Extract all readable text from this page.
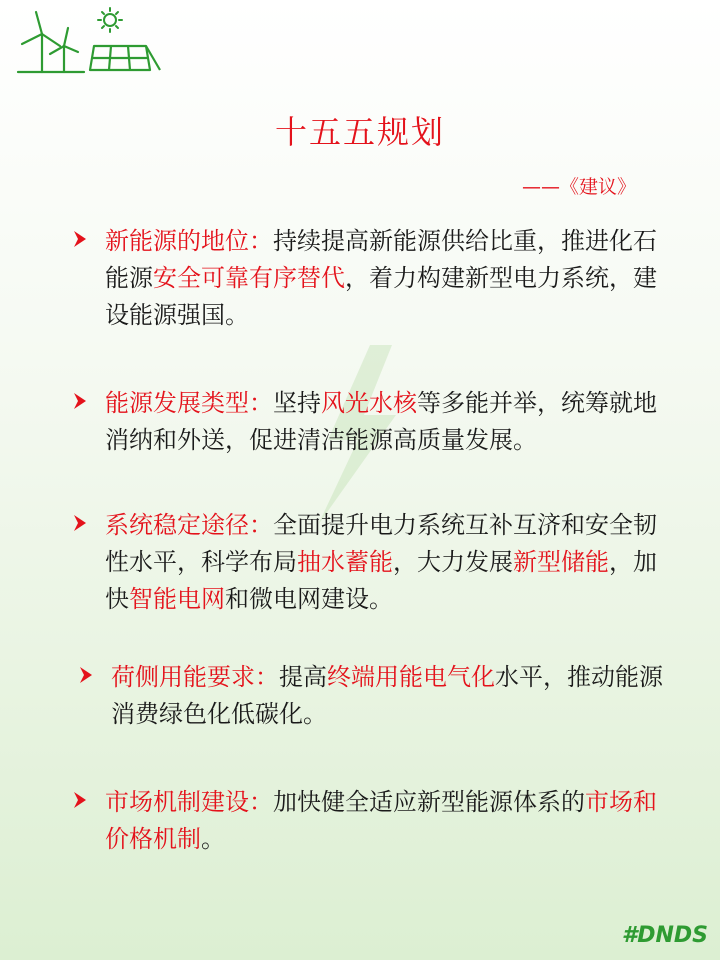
十五五规划
——《建议》

新能源的地位：持续提高新能源供给比重，推进化石能源安全可靠有序替代，着力构建新型电力系统，建设能源强国。

能源发展类型：坚持风光水核等多能并举，统筹就地消纳和外送，促进清洁能源高质量发展。

系统稳定途径：全面提升电力系统互补互济和安全韧性水平，科学布局抽水蓄能，大力发展新型储能，加快智能电网和微电网建设。

荷侧用能要求：提高终端用能电气化水平，推动能源消费绿色化低碳化。

市场机制建设：加快健全适应新型能源体系的市场和价格机制。

#DNDS
